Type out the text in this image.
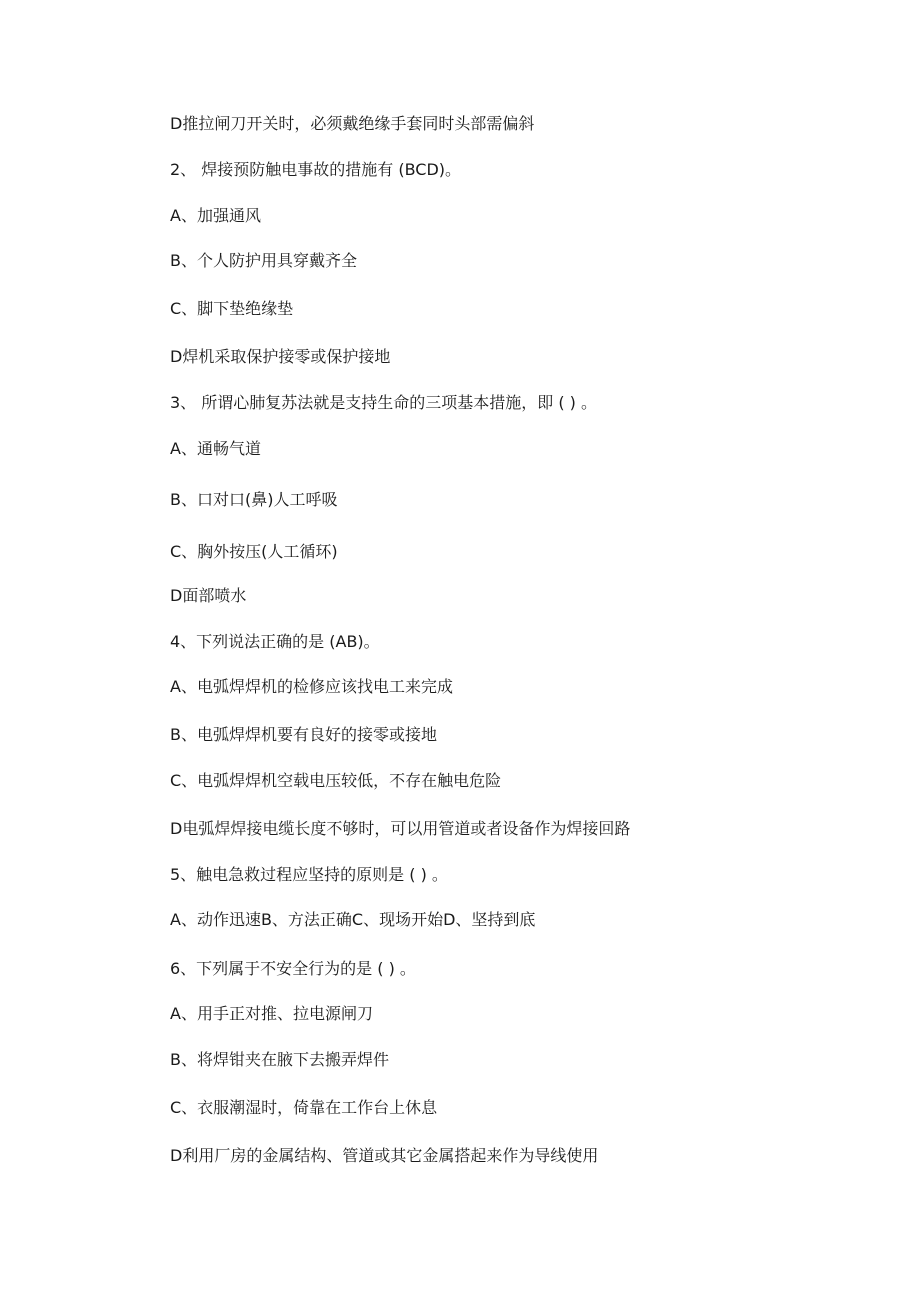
D推拉闸刀开关时，必须戴绝缘手套同时头部需偏斜
2、 焊接预防触电事故的措施有 (BCD)。
A、加强通风
B、个人防护用具穿戴齐全
C、脚下垫绝缘垫
D焊机采取保护接零或保护接地
3、 所谓心肺复苏法就是支持生命的三项基本措施，即 ( ) 。
A、通畅气道
B、口对口(鼻)人工呼吸
C、胸外按压(人工循环)
D面部喷水
4、下列说法正确的是 (AB)。
A、电弧焊焊机的检修应该找电工来完成
B、电弧焊焊机要有良好的接零或接地
C、电弧焊焊机空载电压较低，不存在触电危险
D电弧焊焊接电缆长度不够时，可以用管道或者设备作为焊接回路
5、触电急救过程应坚持的原则是 ( ) 。
A、动作迅速B、方法正确C、现场开始D、坚持到底
6、下列属于不安全行为的是 ( ) 。
A、用手正对推、拉电源闸刀
B、将焊钳夹在腋下去搬弄焊件
C、衣服潮湿时，倚靠在工作台上休息
D利用厂房的金属结构、管道或其它金属搭起来作为导线使用
